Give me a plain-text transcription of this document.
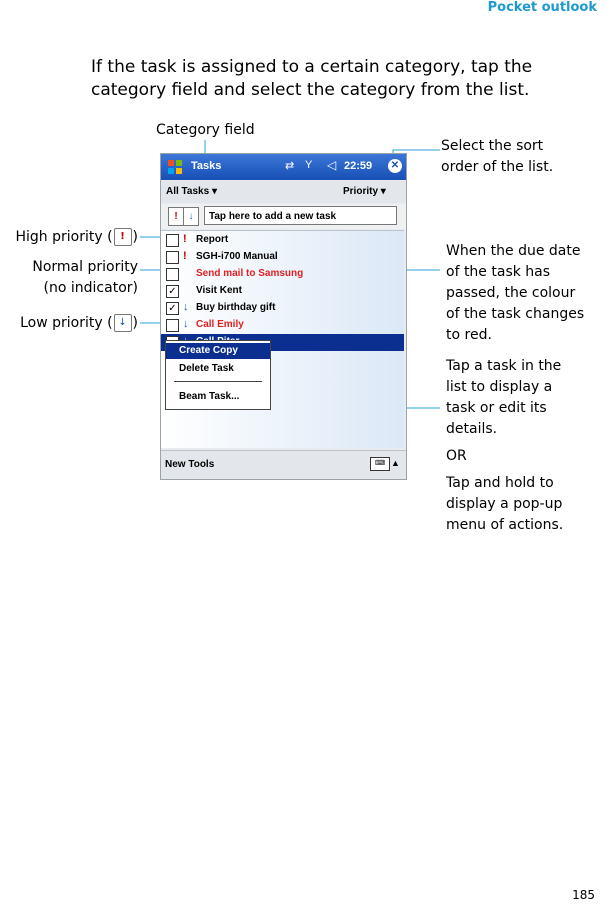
Pocket outlook
If the task is assigned to a certain category, tap the category field and select the category from the list.
Category field
Select the sort
order of the list.
High priority ( ! )
Normal priority
(no indicator)
Low priority ( ↓ )
When the due date
of the task has
passed, the colour
of the task changes
to red.
Tap a task in the
list to display a
task or edit its
details.
OR
Tap and hold to
display a pop-up
menu of actions.
Tasks	⇄ Y ◁ 22:59 ✕
All Tasks ▾	Priority ▾
!	↓	Tap here to add a new task
! Report
! SGH-i700 Manual
Send mail to Samsung
✓ Visit Kent
✓ ↓ Buy birthday gift
↓ Call Emily
Create Copy
Delete Task
Beam Task...
New Tools	⌨ ▲
185
